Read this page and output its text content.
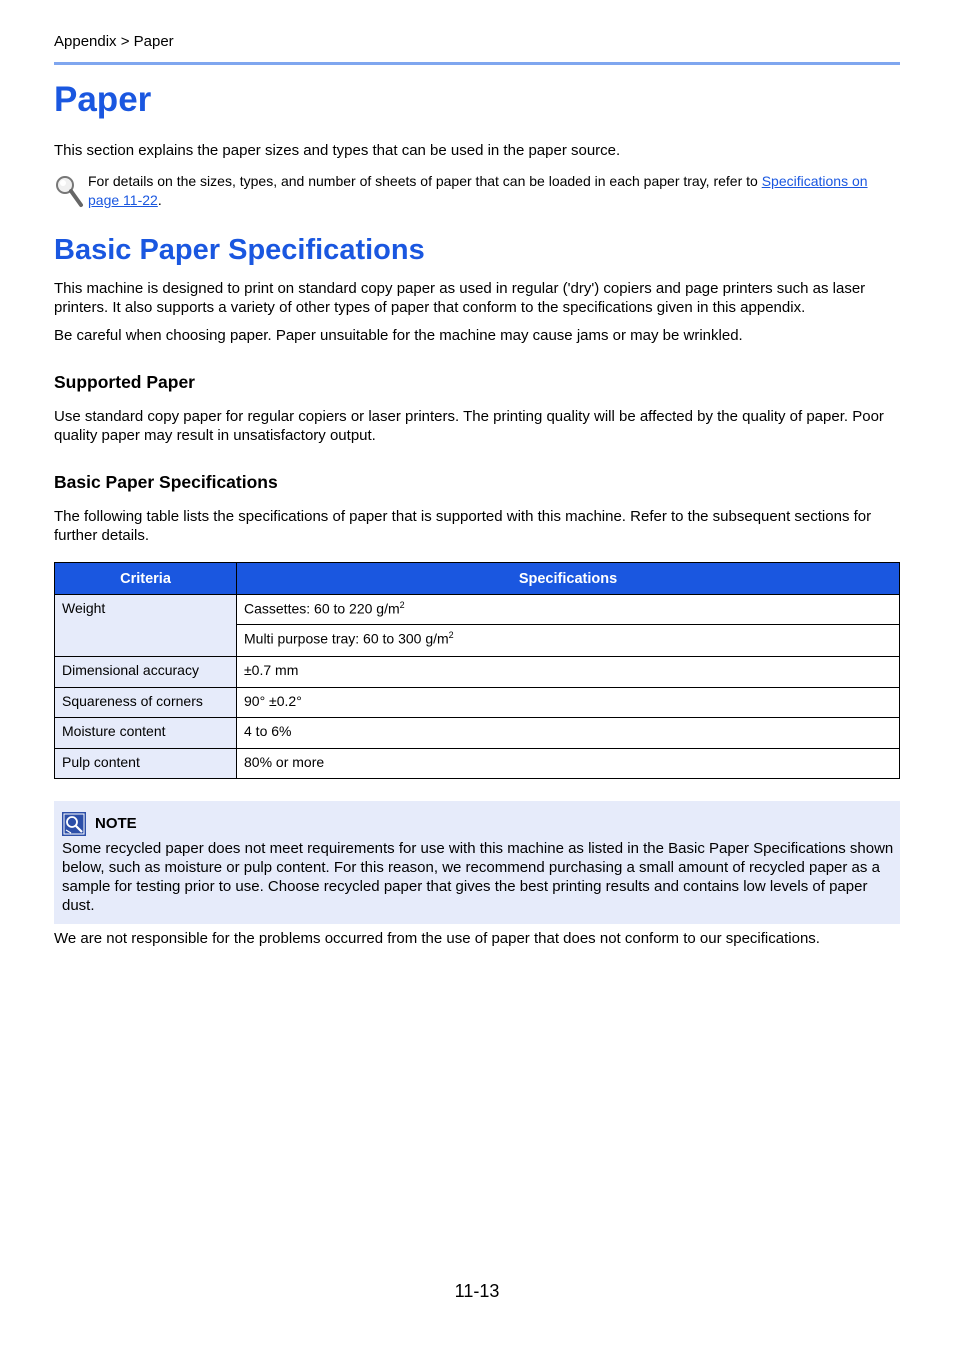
Appendix > Paper
Paper

This section explains the paper sizes and types that can be used in the paper source.

For details on the sizes, types, and number of sheets of paper that can be loaded in each paper tray, refer to Specifications on page 11-22.

Basic Paper Specifications

This machine is designed to print on standard copy paper as used in regular ('dry') copiers and page printers such as laser printers. It also supports a variety of other types of paper that conform to the specifications given in this appendix.

Be careful when choosing paper. Paper unsuitable for the machine may cause jams or may be wrinkled.

Supported Paper

Use standard copy paper for regular copiers or laser printers. The printing quality will be affected by the quality of paper. Poor quality paper may result in unsatisfactory output.

Basic Paper Specifications

The following table lists the specifications of paper that is supported with this machine. Refer to the subsequent sections for further details.

Criteria	Specifications
Weight	Cassettes: 60 to 220 $g/m^2$
	Multi purpose tray: 60 to 300 $g/m^2$
Dimensional accuracy	±0.7 mm
Squareness of corners	90° ±0.2°
Moisture content	4 to 6%
Pulp content	80% or more
NOTE

Some recycled paper does not meet requirements for use with this machine as listed in the Basic Paper Specifications shown below, such as moisture or pulp content. For this reason, we recommend purchasing a small amount of recycled paper as a sample for testing prior to use. Choose recycled paper that gives the best printing results and contains low levels of paper dust.

We are not responsible for the problems occurred from the use of paper that does not conform to our specifications.

11-13
